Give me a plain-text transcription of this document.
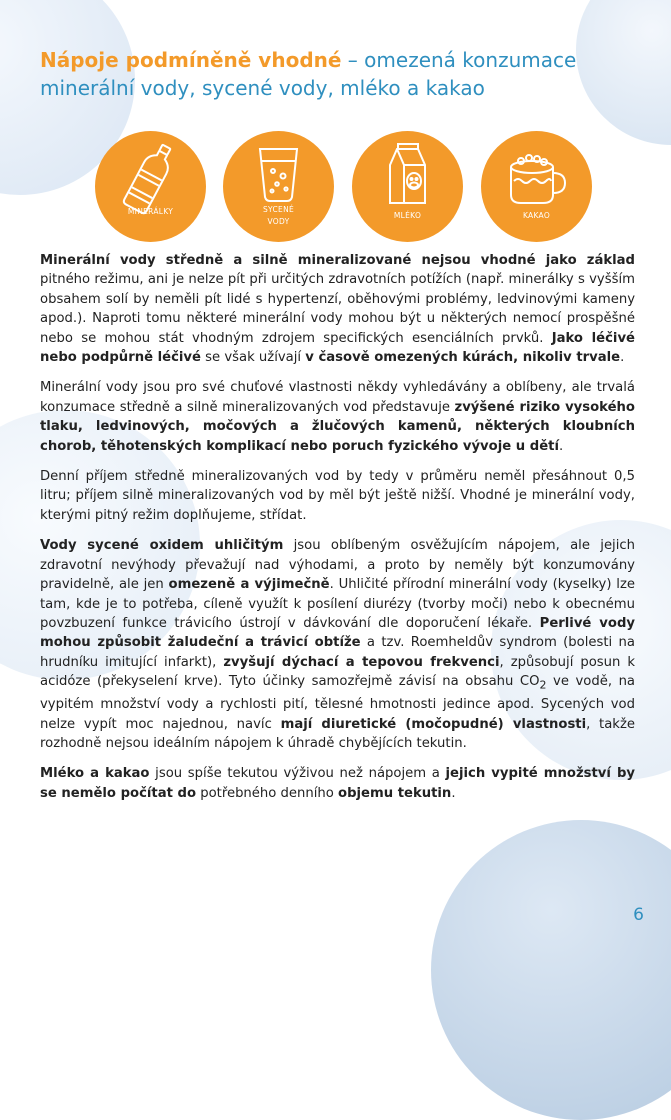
Nápoje podmíněně vhodné – omezená konzumace minerální vody, sycené vody, mléko a kakao
MINERÁLKY	SYCENÉ
VODY
MLÉKO	KAKAO

Minerální vody středně a silně mineralizované nejsou vhodné jako základ pitného režimu, ani je nelze pít při určitých zdravotních potížích (např. minerálky s vyšším obsahem solí by neměli pít lidé s hypertenzí, oběhovými problémy, ledvinovými kameny apod.). Naproti tomu některé minerální vody mohou být u některých nemocí prospěšné nebo se mohou stát vhodným zdrojem specifických esenciálních prvků. Jako léčivé nebo podpůrně léčivé se však užívají v časově omezených kúrách, nikoliv trvale.

Minerální vody jsou pro své chuťové vlastnosti někdy vyhledávány a oblíbeny, ale trvalá konzumace středně a silně mineralizovaných vod představuje zvýšené riziko vysokého tlaku, ledvinových, močových a žlučových kamenů, některých kloubních chorob, těhotenských komplikací nebo poruch fyzického vývoje u dětí.

Denní příjem středně mineralizovaných vod by tedy v průměru neměl přesáhnout 0,5 litru; příjem silně mineralizovaných vod by měl být ještě nižší. Vhodné je minerální vody, kterými pitný režim doplňujeme, střídat.

Vody sycené oxidem uhličitým jsou oblíbeným osvěžujícím nápojem, ale jejich zdravotní nevýhody převažují nad výhodami, a proto by neměly být konzumovány pravidelně, ale jen omezeně a výjimečně. Uhličité přírodní minerální vody (kyselky) lze tam, kde je to potřeba, cíleně využít k posílení diurézy (tvorby moči) nebo k obecnému povzbuzení funkce trávicího ústrojí v dávkování dle doporučení lékaře. Perlivé vody mohou způsobit žaludeční a trávicí obtíže a tzv. Roemheldův syndrom (bolesti na hrudníku imitující infarkt), zvyšují dýchací a tepovou frekvenci, způsobují posun k acidóze (překyselení krve). Tyto účinky samozřejmě závisí na obsahu $CO_2$ ve vodě, na vypitém množství vody a rychlosti pití, tělesné hmotnosti jedince apod. Sycených vod nelze vypít moc najednou, navíc mají diuretické (močopudné) vlastnosti, takže rozhodně nejsou ideálním nápojem k úhradě chybějících tekutin.

Mléko a kakao jsou spíše tekutou výživou než nápojem a jejich vypité množství by se nemělo počítat do potřebného denního objemu tekutin.

6
